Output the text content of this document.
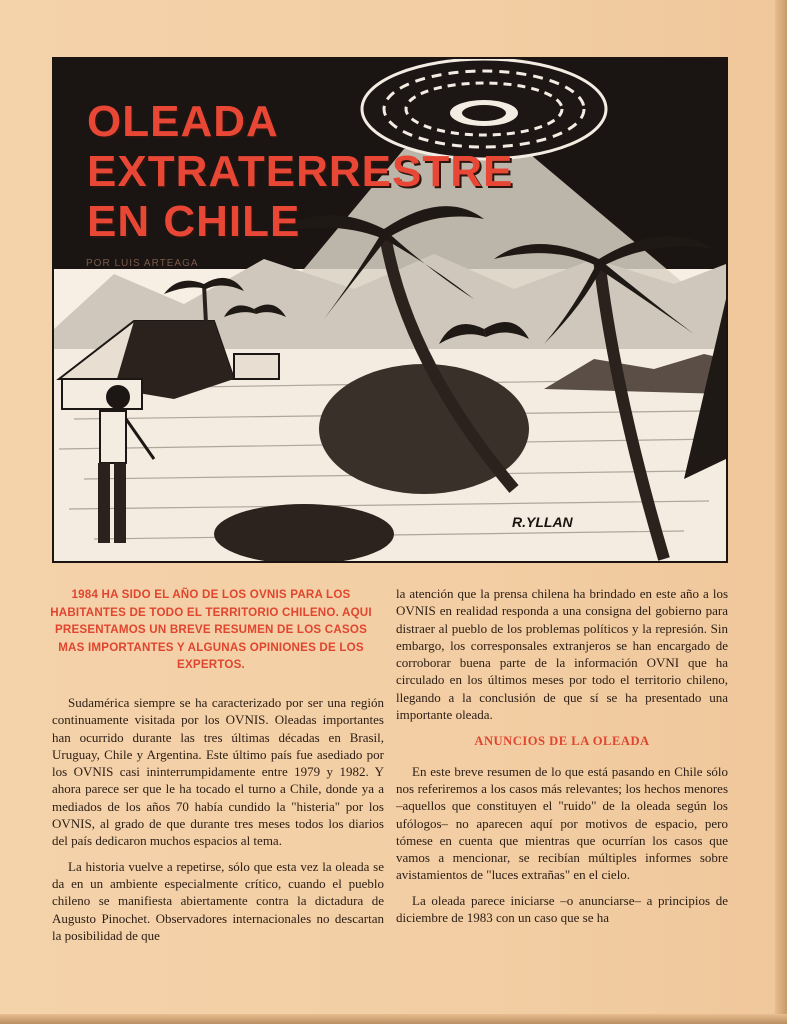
OLEADA
EXTRATERRESTRE
EN CHILE
POR LUIS ARTEAGA
R.YLLAN
1984 HA SIDO EL AÑO DE LOS OVNIS PARA LOS HABITANTES DE TODO EL TERRITORIO CHILENO. AQUI PRESENTAMOS UN BREVE RESUMEN DE LOS CASOS MAS IMPORTANTES Y ALGUNAS OPINIONES DE LOS EXPERTOS.

Sudamérica siempre se ha caracterizado por ser una región continuamente visitada por los OVNIS. Oleadas importantes han ocurrido durante las tres últimas décadas en Brasil, Uruguay, Chile y Argentina. Este último país fue asediado por los OVNIS casi ininterrumpidamente entre 1979 y 1982. Y ahora parece ser que le ha tocado el turno a Chile, donde ya a mediados de los años 70 había cundido la "histeria" por los OVNIS, al grado de que durante tres meses todos los diarios del país dedicaron muchos espacios al tema.

La historia vuelve a repetirse, sólo que esta vez la oleada se da en un ambiente especialmente crítico, cuando el pueblo chileno se manifiesta abiertamente contra la dictadura de Augusto Pinochet. Observadores internacionales no descartan la posibilidad de que

la atención que la prensa chilena ha brindado en este año a los OVNIS en realidad responda a una consigna del gobierno para distraer al pueblo de los problemas políticos y la represión. Sin embargo, los corresponsales extranjeros se han encargado de corroborar buena parte de la información OVNI que ha circulado en los últimos meses por todo el territorio chileno, llegando a la conclusión de que sí se ha presentado una importante oleada.

ANUNCIOS DE LA OLEADA

En este breve resumen de lo que está pasando en Chile sólo nos referiremos a los casos más relevantes; los hechos menores –aquellos que constituyen el "ruido" de la oleada según los ufólogos– no aparecen aquí por motivos de espacio, pero tómese en cuenta que mientras que ocurrían los casos que vamos a mencionar, se recibían múltiples informes sobre avistamientos de "luces extrañas" en el cielo.

La oleada parece iniciarse –o anunciarse– a principios de diciembre de 1983 con un caso que se ha
